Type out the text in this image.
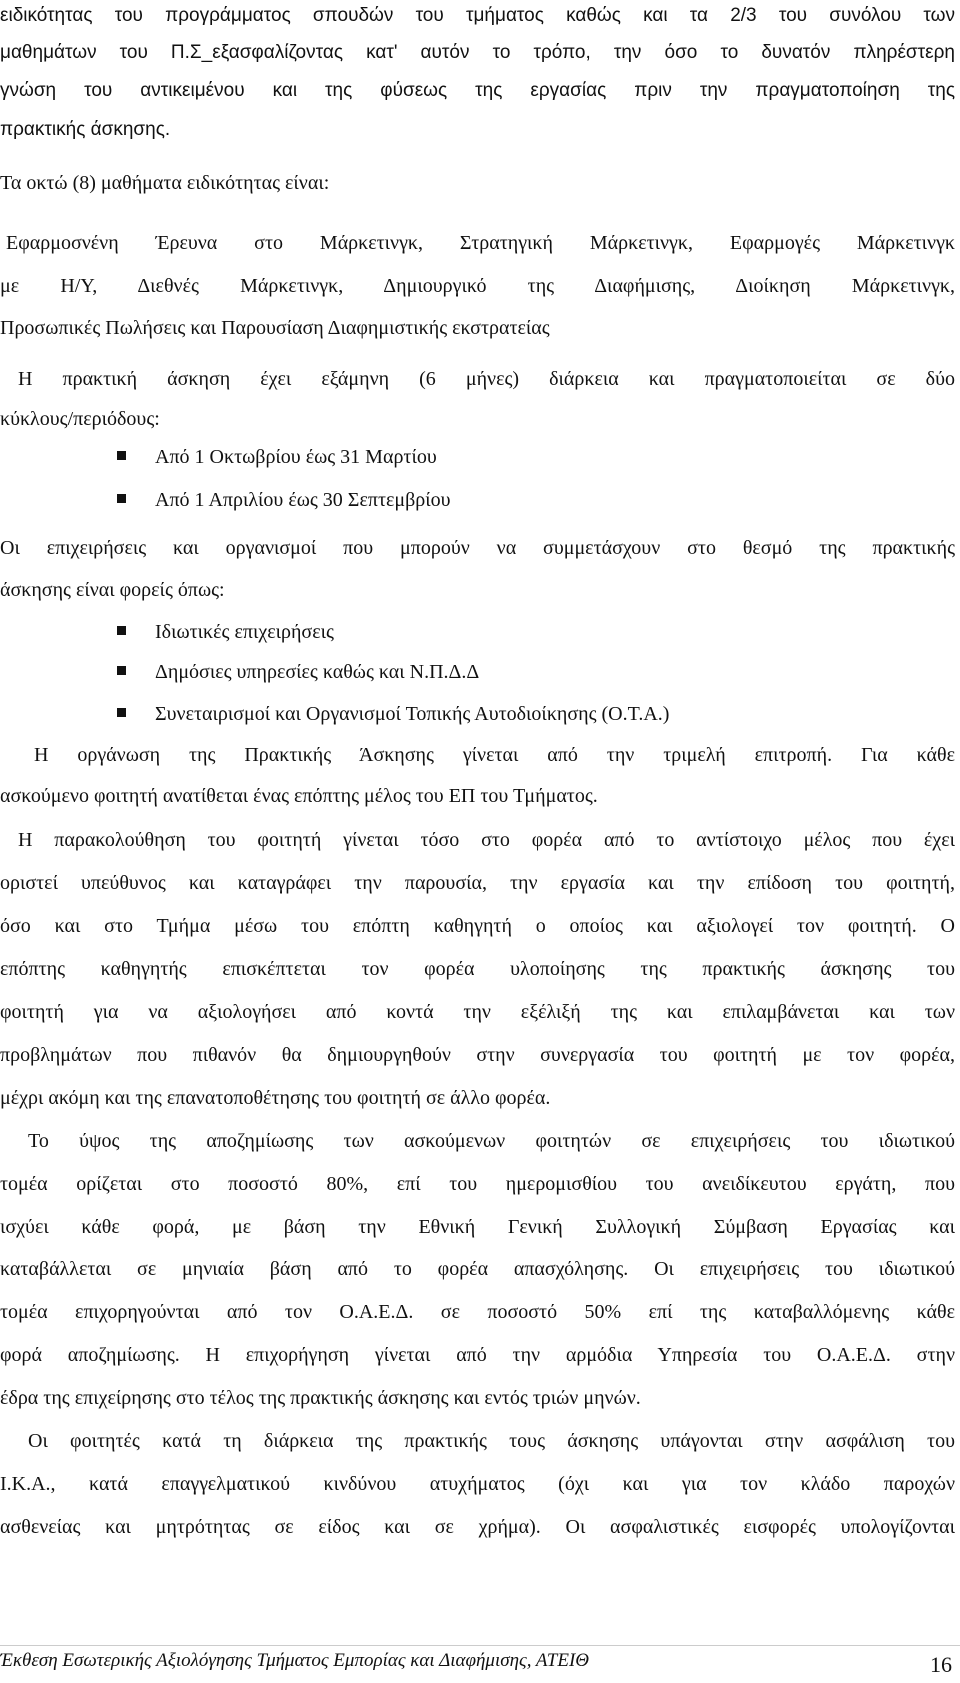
ειδικότητας του προγράμματος σπουδών του τμήματος καθώς και τα 2/3 του συνόλου των
μαθημάτων του Π.Σ_εξασφαλίζοντας κατ' αυτόν το τρόπο, την όσο το δυνατόν πληρέστερη
γνώση του αντικειμένου και της φύσεως της εργασίας πριν την πραγματοποίηση της
πρακτικής άσκησης.
Τα οκτώ (8) μαθήματα ειδικότητας είναι:
Εφαρμοσνένη Έρευνα στο Μάρκετινγκ, Στρατηγική Μάρκετινγκ, Εφαρμογές Μάρκετινγκ
με Η/Υ, Διεθνές Μάρκετινγκ, Δημιουργικό της Διαφήμισης, Διοίκηση Μάρκετινγκ,
Προσωπικές Πωλήσεις και Παρουσίαση Διαφημιστικής εκστρατείας
Η πρακτική άσκηση έχει εξάμηνη (6 μήνες) διάρκεια και πραγματοποιείται σε δύο
κύκλους/περιόδους:
Από 1 Οκτωβρίου έως 31 Μαρτίου
Από 1 Απριλίου έως 30 Σεπτεμβρίου
Οι επιχειρήσεις και οργανισμοί που μπορούν να συμμετάσχουν στο θεσμό της πρακτικής
άσκησης είναι φορείς όπως:
Ιδιωτικές επιχειρήσεις
Δημόσιες υπηρεσίες καθώς και Ν.Π.Δ.Δ
Συνεταιρισμοί και Οργανισμοί Τοπικής Αυτοδιοίκησης (Ο.Τ.Α.)
Η οργάνωση της Πρακτικής Άσκησης γίνεται από την τριμελή επιτροπή. Για κάθε
ασκούμενο φοιτητή ανατίθεται ένας επόπτης μέλος του ΕΠ του Τμήματος.
Η παρακολούθηση του φοιτητή γίνεται τόσο στο φορέα από το αντίστοιχο μέλος που έχει
οριστεί υπεύθυνος και καταγράφει την παρουσία, την εργασία και την επίδοση του φοιτητή,
όσο και στο Τμήμα μέσω του επόπτη καθηγητή ο οποίος και αξιολογεί τον φοιτητή. Ο
επόπτης καθηγητής επισκέπτεται τον φορέα υλοποίησης της πρακτικής άσκησης του
φοιτητή για να αξιολογήσει από κοντά την εξέλιξή της και επιλαμβάνεται και των
προβλημάτων που πιθανόν θα δημιουργηθούν στην συνεργασία του φοιτητή με τον φορέα,
μέχρι ακόμη και της επανατοποθέτησης του φοιτητή σε άλλο φορέα.
Το ύψος της αποζημίωσης των ασκούμενων φοιτητών σε επιχειρήσεις του ιδιωτικού
τομέα ορίζεται στο ποσοστό 80%, επί του ημερομισθίου του ανειδίκευτου εργάτη, που
ισχύει κάθε φορά, με βάση την Εθνική Γενική Συλλογική Σύμβαση Εργασίας και
καταβάλλεται σε μηνιαία βάση από το φορέα απασχόλησης. Οι επιχειρήσεις του ιδιωτικού
τομέα επιχορηγούνται από τον Ο.Α.Ε.Δ. σε ποσοστό 50% επί της καταβαλλόμενης κάθε
φορά αποζημίωσης. Η επιχορήγηση γίνεται από την αρμόδια Υπηρεσία του Ο.Α.Ε.Δ. στην
έδρα της επιχείρησης στο τέλος της πρακτικής άσκησης και εντός τριών μηνών.
Οι φοιτητές κατά τη διάρκεια της πρακτικής τους άσκησης υπάγονται στην ασφάλιση του
Ι.Κ.Α., κατά επαγγελματικού κινδύνου ατυχήματος (όχι και για τον κλάδο παροχών
ασθενείας και μητρότητας σε είδος και σε χρήμα). Οι ασφαλιστικές εισφορές υπολογίζονται
Έκθεση Εσωτερικής Αξιολόγησης Τμήματος Εμπορίας και Διαφήμισης, ΑΤΕΙΘ	16
